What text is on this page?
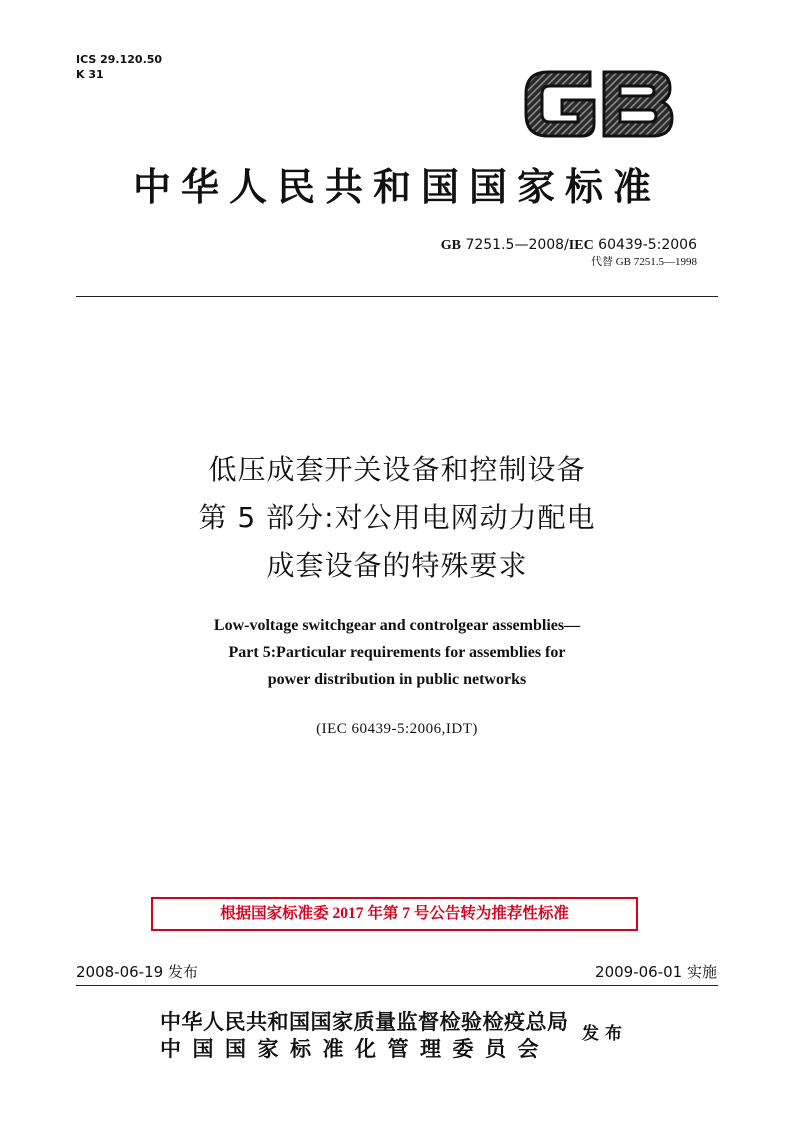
ICS 29.120.50
K 31
GB
中华人民共和国国家标准
GB 7251.5—2008/IEC 60439-5:2006
代替 GB 7251.5—1998
低压成套开关设备和控制设备
第 5 部分:对公用电网动力配电
成套设备的特殊要求
Low-voltage switchgear and controlgear assemblies—
Part 5:Particular requirements for assemblies for
power distribution in public networks
(IEC 60439-5:2006,IDT)
根据国家标准委 2017 年第 7 号公告转为推荐性标准
2008-06-19 发布	2009-06-01 实施
中华人民共和国国家质量监督检验检疫总局
中国国家标准化管理委员会
发布
